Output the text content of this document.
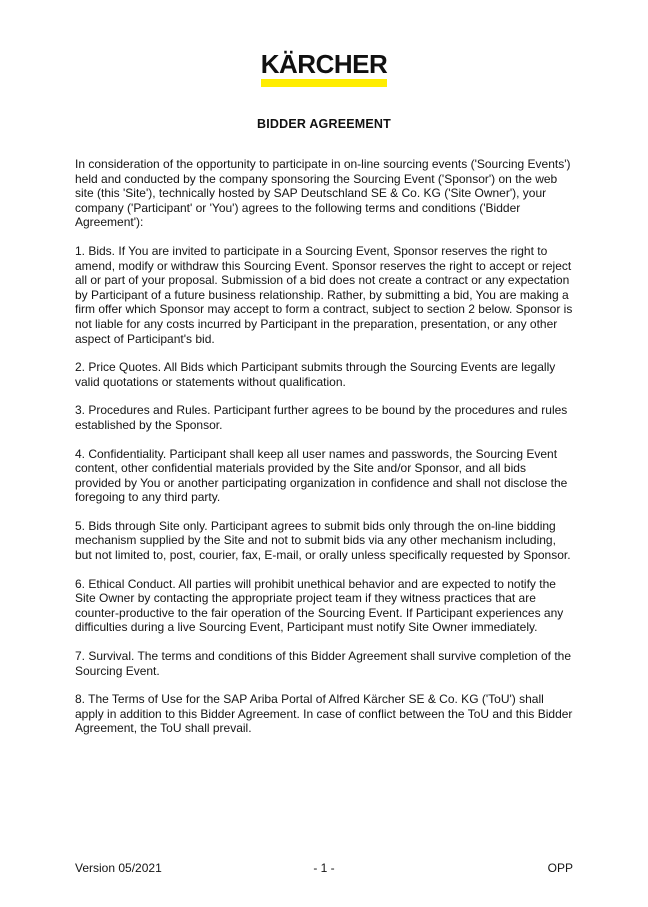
KÄRCHER
BIDDER AGREEMENT

In consideration of the opportunity to participate in on-line sourcing events ('Sourcing Events') held and conducted by the company sponsoring the Sourcing Event ('Sponsor') on the web site (this 'Site'), technically hosted by SAP Deutschland SE & Co. KG ('Site Owner'), your company ('Participant' or 'You') agrees to the following terms and conditions ('Bidder Agreement'):

1. Bids. If You are invited to participate in a Sourcing Event, Sponsor reserves the right to amend, modify or withdraw this Sourcing Event. Sponsor reserves the right to accept or reject all or part of your proposal. Submission of a bid does not create a contract or any expectation by Participant of a future business relationship. Rather, by submitting a bid, You are making a firm offer which Sponsor may accept to form a contract, subject to section 2 below. Sponsor is not liable for any costs incurred by Participant in the preparation, presentation, or any other aspect of Participant's bid.

2. Price Quotes. All Bids which Participant submits through the Sourcing Events are legally valid quotations or statements without qualification.

3. Procedures and Rules. Participant further agrees to be bound by the procedures and rules established by the Sponsor.

4. Confidentiality. Participant shall keep all user names and passwords, the Sourcing Event content, other confidential materials provided by the Site and/or Sponsor, and all bids provided by You or another participating organization in confidence and shall not disclose the foregoing to any third party.

5. Bids through Site only. Participant agrees to submit bids only through the on-line bidding mechanism supplied by the Site and not to submit bids via any other mechanism including, but not limited to, post, courier, fax, E-mail, or orally unless specifically requested by Sponsor.

6. Ethical Conduct. All parties will prohibit unethical behavior and are expected to notify the Site Owner by contacting the appropriate project team if they witness practices that are counter-productive to the fair operation of the Sourcing Event. If Participant experiences any difficulties during a live Sourcing Event, Participant must notify Site Owner immediately.

7. Survival. The terms and conditions of this Bidder Agreement shall survive completion of the Sourcing Event.

8. The Terms of Use for the SAP Ariba Portal of Alfred Kärcher SE & Co. KG ('ToU') shall apply in addition to this Bidder Agreement. In case of conflict between the ToU and this Bidder Agreement, the ToU shall prevail.

Version 05/2021	- 1 -	OPP
